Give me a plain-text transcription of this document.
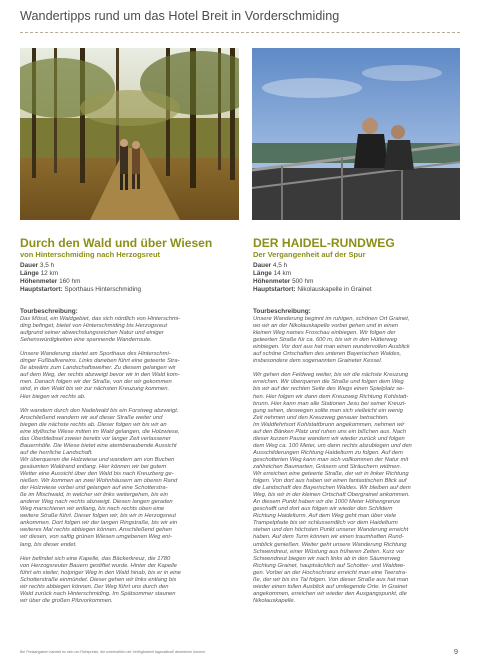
Wandertipps rund um das Hotel Breit in Vorderschmiding
Durch den Wald und über Wiesen
von Hinterschmiding nach Herzogsreut
Dauer 3,5 h
Länge 12 km
Höhenmeter 160 hm
Hauptstartort: Sporthaus Hinterschmiding
Tourbeschreibung:

Das Mössl, ein Waldgebiet, das sich nördlich von Hinterschmi-
ding befinget, bietet von Hinterschmiding bis Herzogsreut
aufgrund seiner abwechslungsreichen Natur und einiger
Sehenswürdigkeiten eine spannende Wanderroute.

Unsere Wanderung startet am Sporthaus des Hinterschmi-
dinger Fußballvereins. Links daneben führt eine geteerte Stra-
ße abwärts zum Landschaftsweiher. Zu diesem gelangen wir
auf dem Weg, der rechts abzweigt bevor wir in den Wald kom-
men. Danach folgen wir der Straße, von der wir gekommen
sind, in den Wald bis wir zur nächsten Kreuzung kommen.
Hier biegen wir rechts ab.

Wir wandern durch den Nadelwald bis ein Forstweg abzweigt.
Anschließend wandern wir auf dieser Straße weiter und
biegen die nächste rechts ab. Dieser folgen wir bis wir an
eine idyllische Wiese mitten im Wald gelangen, die Holzwiese,
das Überbleibsel zweier bereits vor langer Zeit verlassener
Bauernhöfe. Die Wiese bietet eine atemberaubende Aussicht
auf die herrliche Landschaft.
Wir überqueren die Holzwiese und wandern am von Buchen
gesäumten Waldrand entlang. Hier können wir bei gutem
Wetter eine Aussicht über den Wald bis nach Kreuzberg ge-
nießen. Wir kommen an zwei Wohnhäusern am oberen Rand
der Holzwiese vorbei und gelangen auf eine Schotterstra-
ße im Mischwald, in welcher wir links weitergehen, bis ein
anderer Weg nach rechts abzweigt. Diesen langen geraden
Weg marschieren wir entlang, bis nach rechts oben eine
weitere Straße führt. Dieser folgen wir, bis wir in Herzogsreut
ankommen. Dort folgen wir der langen Ringstraße, bis wir ein
weiteres Mal rechts abbiegen können. Anschließend gehen
wir diesen, von saftig grünen Wiesen umgebenen Weg ent-
lang, bis dieser endet.

Hier befindet sich eine Kapelle, das Bäckerkreuz, die 1780
von Herzogsreuter Bauern gestiftet wurde. Hinter der Kapelle
führt ein steiler, holpriger Weg in den Wald hinab, bis er in eine
Schotterstraße einmündet. Dieser gehen wir links entlang bis
wir rechts abbiegen können. Der Weg führt uns durch den
Wald zurück nach Hinterschmiding. Im Spätsommer staunen
wir über die großen Pilzvorkommen.

DER HAIDEL-RUNDWEG
Der Vergangenheit auf der Spur
Dauer 4,5 h
Länge 14 km
Höhenmeter 500 hm
Hauptstartort: Nikolauskapelle in Grainet
Tourbeschreibung:

Unsere Wanderung beginnt im ruhigen, schönen Ort Grainet,
wo wir an der Nikolauskapelle vorbei gehen und in einen
kleinen Weg names Froschau einbiegen. Wir folgen der
geteerten Straße für ca. 600 m, bis wir in den Hütterweg
einbiegen. Vor dort aus hat man einen wundervollen Ausblick
auf schöne Ortschaften des unteren Bayerischen Waldes,
insbesondere dem sogenannten Graineter Kessel.

Wir gehen den Feldweg weiter, bis wir die nächste Kreuzung
erreichen. Wir überqueren die Straße und folgen dem Weg
bis wir auf der rechten Seite des Wegs einen Spielplatz se-
hen. Hier folgen wir dann dem Kreuzweg Richtung Kohlstatt-
brunn. Hier kann man alle Stationen Jesu bei seiner Kreuzi-
gung sehen, deswegen sollte man sich vielleicht ein wenig
Zeit nehmen und den Kreuzweg genauer betrachten.
Im Waldfehrtsort Kohlstattbrunn angekommen, nehmen wir
auf den Bänken Platz und ruhen uns ein bißchen aus. Nach
dieser kurzen Pause wandern wir wieder zurück und folgen
dem Weg ca. 100 Meter, um dann rechts abzubiegen und den
Ausschilderungen Richtung Haidelturm zu folgen. Auf dem
geschotterten Weg kann man sich vollkommen der Natur mit
zahlreichen Baumarten, Gräsern und Sträuchern widmen.
Wir erreichen eine geteerte Straße, der wir in linker Richtung
folgen. Von dort aus haben wir einen fantastischen Blick auf
die Landschaft des Bayerischen Waldes. Wir bleiben auf dem
Weg, bis wir in der kleinen Ortschaft Obergrainet ankommen.
An diesem Punkt haben wir die 1000 Meter Höhengrenze
geschafft und dort aus folgen wir wieder den Schildern
Richtung Haidelturm. Auf dem Weg geht man über viele
Trampelpfade bis wir schlussendlich vor dem Haidelturm
stehen und den höchsten Punkt unserer Wanderung erreicht
haben. Auf dem Turm können wir einen traumhaften Rund-
umblick genießen. Weiter geht unsere Wanderung Richtung
Schwendreut, einer Wüstung aus früheren Zeiten. Kurz vor
Schwendreut biegen wir nach links ab in den Säumerweg
Richtung Grainet, hauptsächlich auf Schotter- und Waldwe-
gen. Vorbei an der Hochschranz erreicht man eine Teerstra-
ße, der wir bis ins Tal folgen. Von dieser Straße aus hat man
wieder einen tollen Ausblick auf umliegende Orte. In Grainet
angekommen, erreichen wir wieder den Ausgangspunkt, die
Nikolauskapelle.

Bei Preisangaben handelt es sich um Richtpreise, die unterhaltlich der Verfügbarkeit tagesaktuell abweichen können.	9
